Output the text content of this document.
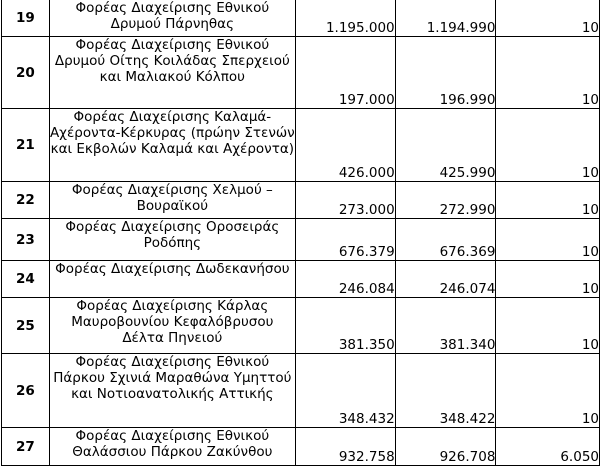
19	Φορέας Διαχείρισης Εθνικού Δρυμού Πάρνηθας	1.195.000	1.194.990	10
20	Φορέας Διαχείρισης Εθνικού Δρυμού Οίτης Κοιλάδας Σπερχειού και Μαλιακού Κόλπου	197.000	196.990	10
21	Φορέας Διαχείρισης Καλαμά-Αχέροντα-Κέρκυρας (πρώην Στενών και Εκβολών Καλαμά και Αχέροντα)	426.000	425.990	10
22	Φορέας Διαχείρισης Χελμού – Βουραϊκού	273.000	272.990	10
23	Φορέας Διαχείρισης Οροσειράς Ροδόπης	676.379	676.369	10
24	Φορέας Διαχείρισης Δωδεκανήσου	246.084	246.074	10
25	Φορέας Διαχείρισης Κάρλας Μαυροβουνίου Κεφαλόβρυσου Δέλτα Πηνειού	381.350	381.340	10
26	Φορέας Διαχείρισης Εθνικού Πάρκου Σχινιά Μαραθώνα Υμηττού και Νοτιοανατολικής Αττικής	348.432	348.422	10
27	Φορέας Διαχείρισης Εθνικού Θαλάσσιου Πάρκου Ζακύνθου	932.758	926.708	6.050
